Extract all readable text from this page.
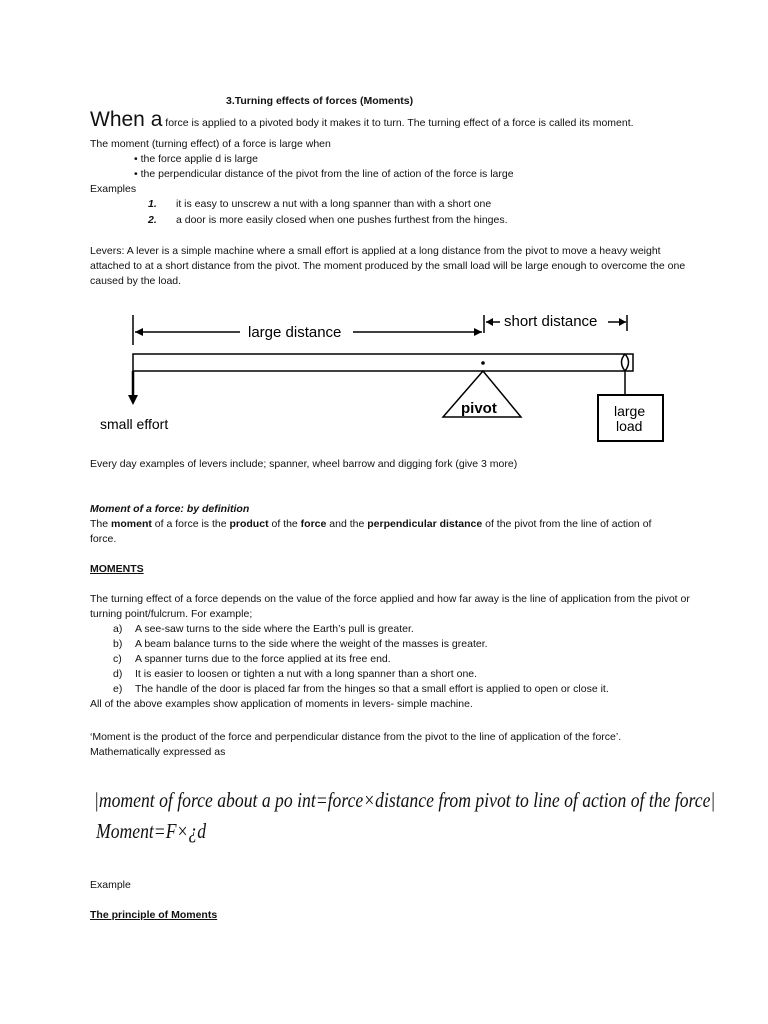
3.Turning effects of forces (Moments)
When a force is applied to a pivoted body it makes it to turn. The turning effect of a force is called its moment.
The moment (turning effect) of a force is large when
• the force applie d is large
• the perpendicular distance of the pivot from the line of action of the force is large
Examples
1. it is easy to unscrew a nut with a long spanner than with a short one
2. a door is more easily closed when one pushes furthest from the hinges.
Levers: A lever is a simple machine where a small effort is applied at a long distance from the pivot to move a heavy weight attached to at a short distance from the pivot. The moment produced by the small load will be large enough to overcome the one caused by the load.
large distance
short distance
small effort
pivot	large
load
Every day examples of levers include; spanner, wheel barrow and digging fork (give 3 more)
Moment of a force: by definition
The moment of a force is the product of the force and the perpendicular distance of the pivot from the line of action of force.
MOMENTS
The turning effect of a force depends on the value of the force applied and how far away is the line of application from the pivot or turning point/fulcrum. For example;
a) A see-saw turns to the side where the Earth’s pull is greater.
b) A beam balance turns to the side where the weight of the masses is greater.
c) A spanner turns due to the force applied at its free end.
d) It is easier to loosen or tighten a nut with a long spanner than a short one.
e) The handle of the door is placed far from the hinges so that a small effort is applied to open or close it.
All of the above examples show application of moments in levers- simple machine.
‘Moment is the product of the force and perpendicular distance from the pivot to the line of application of the force’.
Mathematically expressed as
|moment of force about a po int=force×distance from pivot to line of action of the force|
Moment=F×¿d
Example
The principle of Moments
